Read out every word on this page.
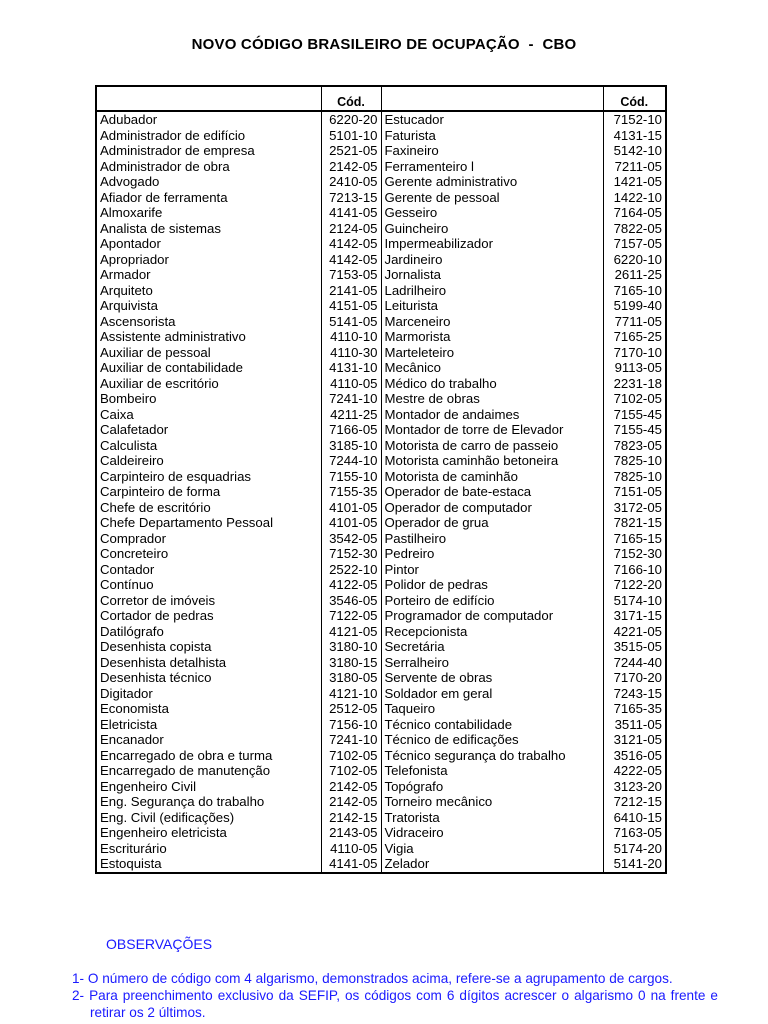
NOVO CÓDIGO BRASILEIRO DE OCUPAÇÃO  -  CBO
	Cód.		Cód.
Adubador	6220-20	Estucador	7152-10
Administrador de edifício	5101-10	Faturista	4131-15
Administrador de empresa	2521-05	Faxineiro	5142-10
Administrador de obra	2142-05	Ferramenteiro l	7211-05
Advogado	2410-05	Gerente administrativo	1421-05
Afiador de ferramenta	7213-15	Gerente de pessoal	1422-10
Almoxarife	4141-05	Gesseiro	7164-05
Analista de sistemas	2124-05	Guincheiro	7822-05
Apontador	4142-05	Impermeabilizador	7157-05
Apropriador	4142-05	Jardineiro	6220-10
Armador	7153-05	Jornalista	2611-25
Arquiteto	2141-05	Ladrilheiro	7165-10
Arquivista	4151-05	Leiturista	5199-40
Ascensorista	5141-05	Marceneiro	7711-05
Assistente administrativo	4110-10	Marmorista	7165-25
Auxiliar de pessoal	4110-30	Marteleteiro	7170-10
Auxiliar de contabilidade	4131-10	Mecânico	9113-05
Auxiliar de escritório	4110-05	Médico do trabalho	2231-18
Bombeiro	7241-10	Mestre de obras	7102-05
Caixa	4211-25	Montador de andaimes	7155-45
Calafetador	7166-05	Montador de torre de Elevador	7155-45
Calculista	3185-10	Motorista de carro de passeio	7823-05
Caldeireiro	7244-10	Motorista caminhão betoneira	7825-10
Carpinteiro de esquadrias	7155-10	Motorista de caminhão	7825-10
Carpinteiro de forma	7155-35	Operador de bate-estaca	7151-05
Chefe de escritório	4101-05	Operador de computador	3172-05
Chefe Departamento Pessoal	4101-05	Operador de grua	7821-15
Comprador	3542-05	Pastilheiro	7165-15
Concreteiro	7152-30	Pedreiro	7152-30
Contador	2522-10	Pintor	7166-10
Contínuo	4122-05	Polidor de pedras	7122-20
Corretor de imóveis	3546-05	Porteiro de edifício	5174-10
Cortador de pedras	7122-05	Programador de computador	3171-15
Datilógrafo	4121-05	Recepcionista	4221-05
Desenhista copista	3180-10	Secretária	3515-05
Desenhista detalhista	3180-15	Serralheiro	7244-40
Desenhista técnico	3180-05	Servente de obras	7170-20
Digitador	4121-10	Soldador em geral	7243-15
Economista	2512-05	Taqueiro	7165-35
Eletricista	7156-10	Técnico contabilidade	3511-05
Encanador	7241-10	Técnico de edificações	3121-05
Encarregado de obra e turma	7102-05	Técnico segurança do trabalho	3516-05
Encarregado de manutenção	7102-05	Telefonista	4222-05
Engenheiro Civil	2142-05	Topógrafo	3123-20
Eng. Segurança do trabalho	2142-05	Torneiro mecânico	7212-15
Eng. Civil (edificações)	2142-15	Tratorista	6410-15
Engenheiro eletricista	2143-05	Vidraceiro	7163-05
Escriturário	4110-05	Vigia	5174-20
Estoquista	4141-05	Zelador	5141-20
OBSERVAÇÕES

1- O número de código com 4 algarismo, demonstrados acima, refere-se a agrupamento de cargos.

2- Para preenchimento exclusivo da SEFIP, os códigos com 6 dígitos acrescer o algarismo 0 na frente e retirar os 2 últimos.
